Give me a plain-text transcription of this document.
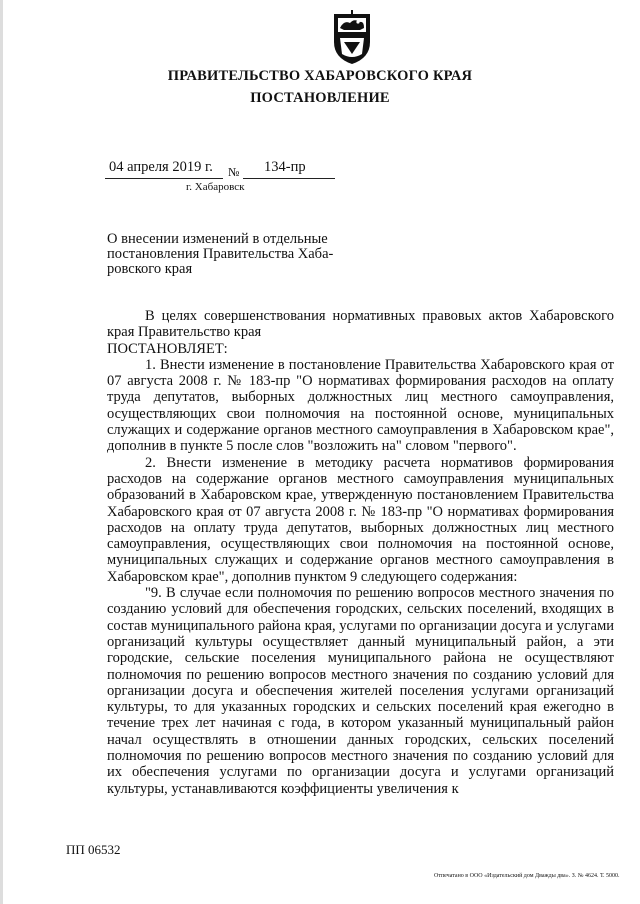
ПРАВИТЕЛЬСТВО ХАБАРОВСКОГО КРАЯ
ПОСТАНОВЛЕНИЕ
04 апреля 2019 г. № 134-пр
г. Хабаровск
О внесении изменений в отдельные постановления Правительства Хаба-ровского края

В целях совершенствования нормативных правовых актов Хабаровского края Правительство края

ПОСТАНОВЛЯЕТ:

1. Внести изменение в постановление Правительства Хабаровского края от 07 августа 2008 г. № 183-пр "О нормативах формирования расходов на оплату труда депутатов, выборных должностных лиц местного самоуправления, осуществляющих свои полномочия на постоянной основе, муниципальных служащих и содержание органов местного самоуправления в Хабаровском крае", дополнив в пункте 5 после слов "возложить на" словом "первого".

2. Внести изменение в методику расчета нормативов формирования расходов на содержание органов местного самоуправления муниципальных образований в Хабаровском крае, утвержденную постановлением Правительства Хабаровского края от 07 августа 2008 г. № 183-пр "О нормативах формирования расходов на оплату труда депутатов, выборных должностных лиц местного самоуправления, осуществляющих свои полномочия на постоянной основе, муниципальных служащих и содержание органов местного самоуправления в Хабаровском крае", дополнив пунктом 9 следующего содержания:

"9. В случае если полномочия по решению вопросов местного значения по созданию условий для обеспечения городских, сельских поселений, входящих в состав муниципального района края, услугами по организации досуга и услугами организаций культуры осуществляет данный муниципальный район, а эти городские, сельские поселения муниципального района не осуществляют полномочия по решению вопросов местного значения по созданию условий для организации досуга и обеспечения жителей поселения услугами организаций культуры, то для указанных городских и сельских поселений края ежегодно в течение трех лет начиная с года, в котором указанный муниципальный район начал осуществлять в отношении данных городских, сельских поселений полномочия по решению вопросов местного значения по созданию условий для их обеспечения услугами по организации досуга и услугами организаций культуры, устанавливаются коэффициенты увеличения к

ПП 06532
Отпечатано в ООО «Издательский дом Дважды два». З. № 4624. Т. 5000.
